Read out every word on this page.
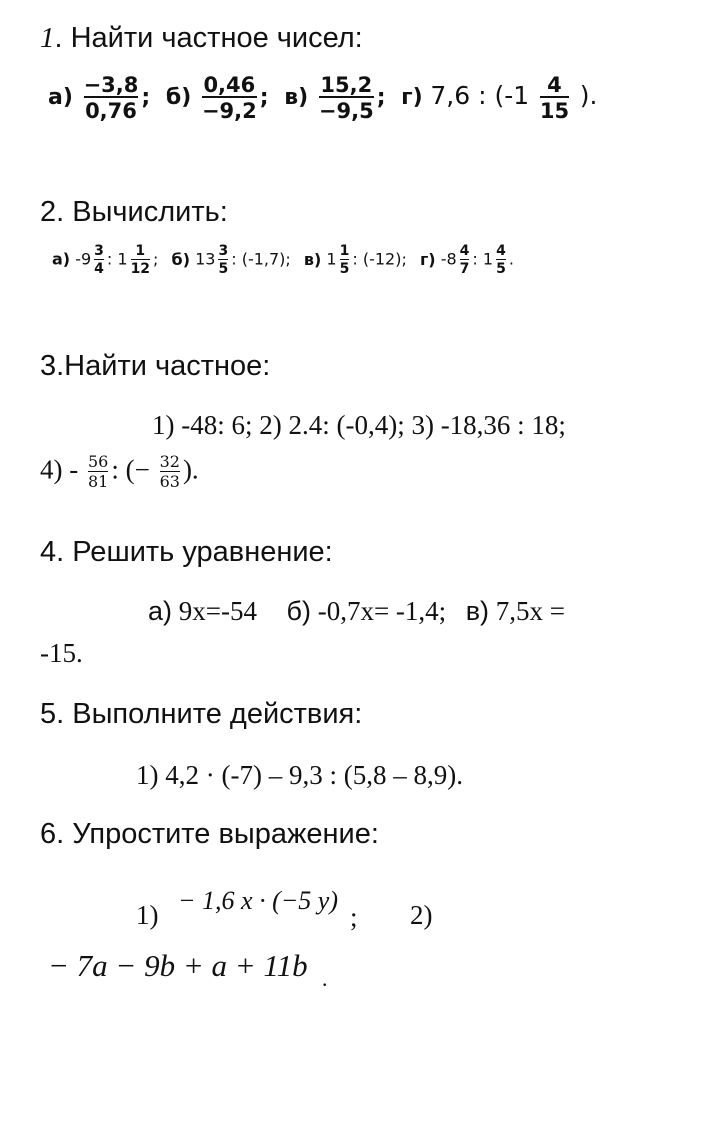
1. Найти частное чисел:
$а) \frac{-3,8}{0,76}$ ; $б) \frac{0,46}{-9,2}$ ; $в) \frac{15,2}{-9,5}$ ; г) 7,6 : ($-1 \frac{4}{15}$ ).
2. Вычислить:
а) $-9 \frac{3}{4}$ : $1 \frac{1}{12}$ ; б) $13 \frac{3}{5}$ : (-1,7); в) $1 \frac{1}{5}$ : (-12); г) $-8 \frac{4}{7}$ : $1 \frac{4}{5}$ .
3.Найти частное:
1) -48: 6; 2) 2.4: (-0,4); 3) -18,36 : 18;
$4) - \frac{56}{81}$ : (− $\frac{32}{63}$ ).
4. Решить уравнение:
а) 9x=-54 б) -0,7x= -1,4; в) 7,5x =
-15.
5. Выполните действия:
1) 4,2 · (-7) – 9,3 : (5,8 – 8,9).
6. Упростите выражение:
1) − 1,6 x · (−5 y)
; 2)
− 7a − 9b + a + 11b .
